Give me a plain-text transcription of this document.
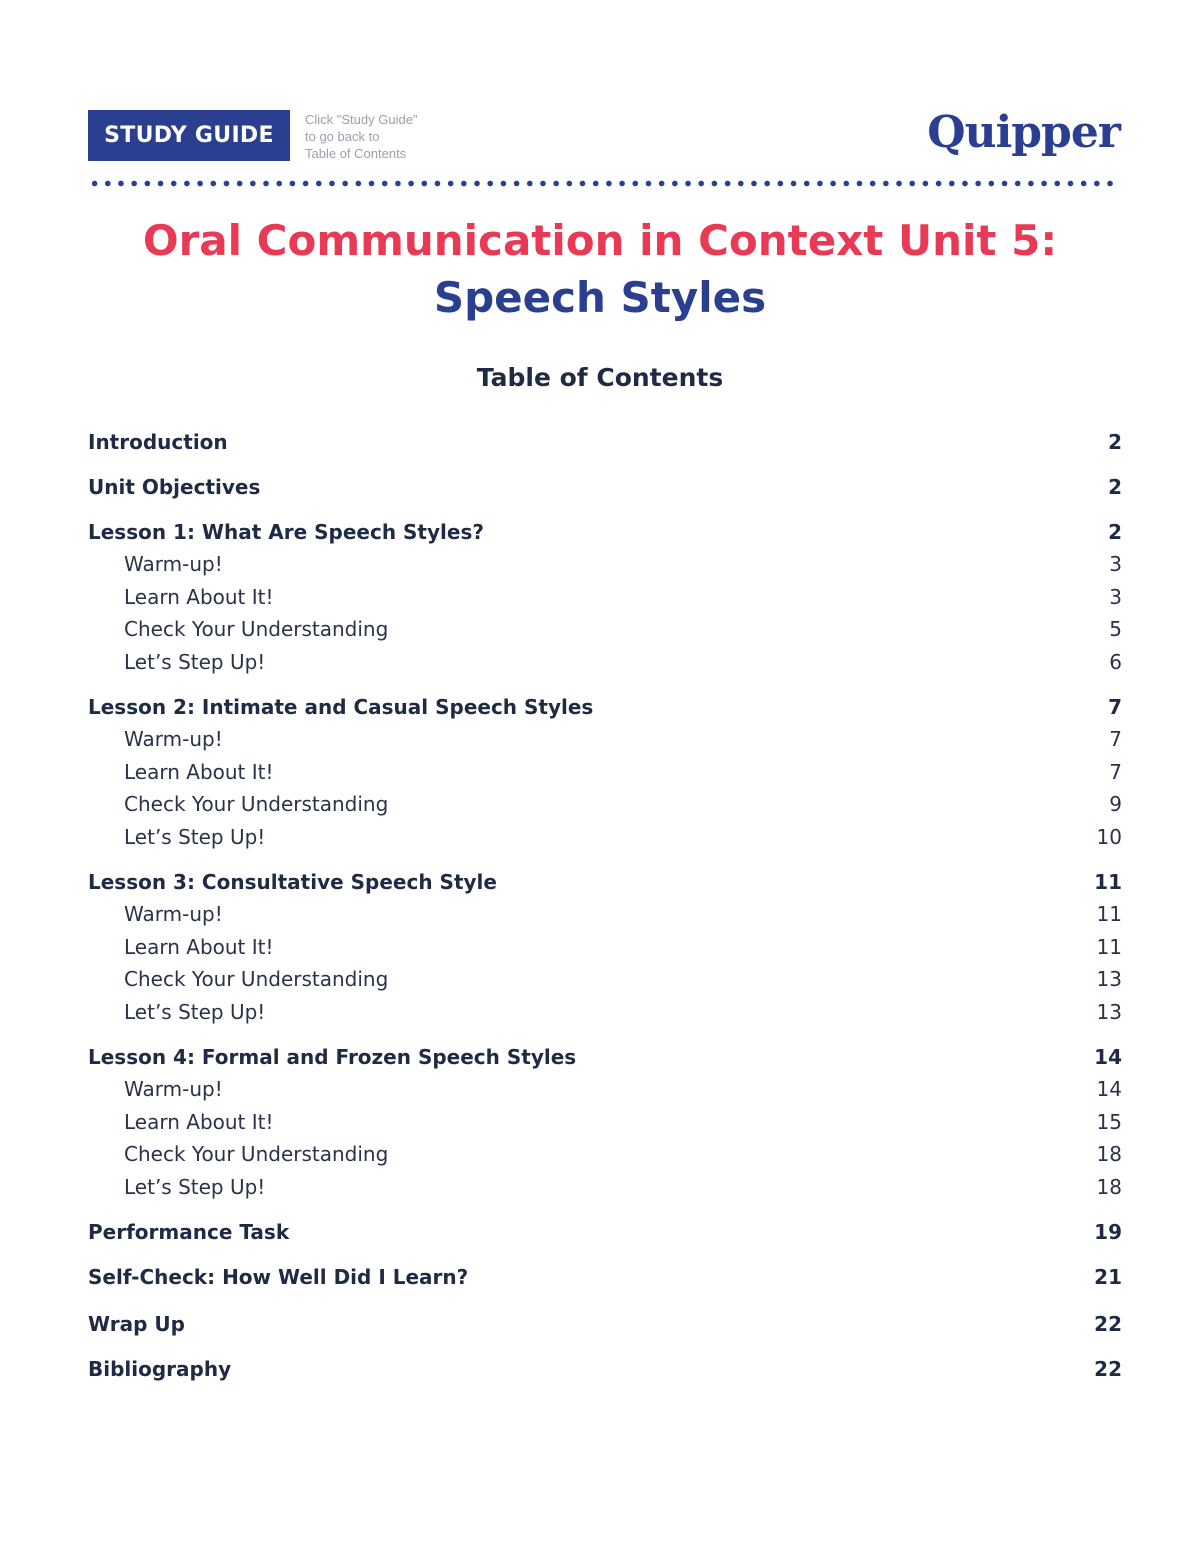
STUDY GUIDE
Click "Study Guide"
to go back to
Table of Contents	Quipper
Oral Communication in Context Unit 5:
Speech Styles
Table of Contents
Introduction	2
Unit Objectives	2
Lesson 1: What Are Speech Styles?	2
Warm-up!	3
Learn About It!	3
Check Your Understanding	5
Let’s Step Up!	6
Lesson 2: Intimate and Casual Speech Styles	7
Warm-up!	7
Learn About It!	7
Check Your Understanding	9
Let’s Step Up!	10
Lesson 3: Consultative Speech Style	11
Warm-up!	11
Learn About It!	11
Check Your Understanding	13
Let’s Step Up!	13
Lesson 4: Formal and Frozen Speech Styles	14
Warm-up!	14
Learn About It!	15
Check Your Understanding	18
Let’s Step Up!	18
Performance Task	19
Self-Check: How Well Did I Learn?	21
Wrap Up	22
Bibliography	22
